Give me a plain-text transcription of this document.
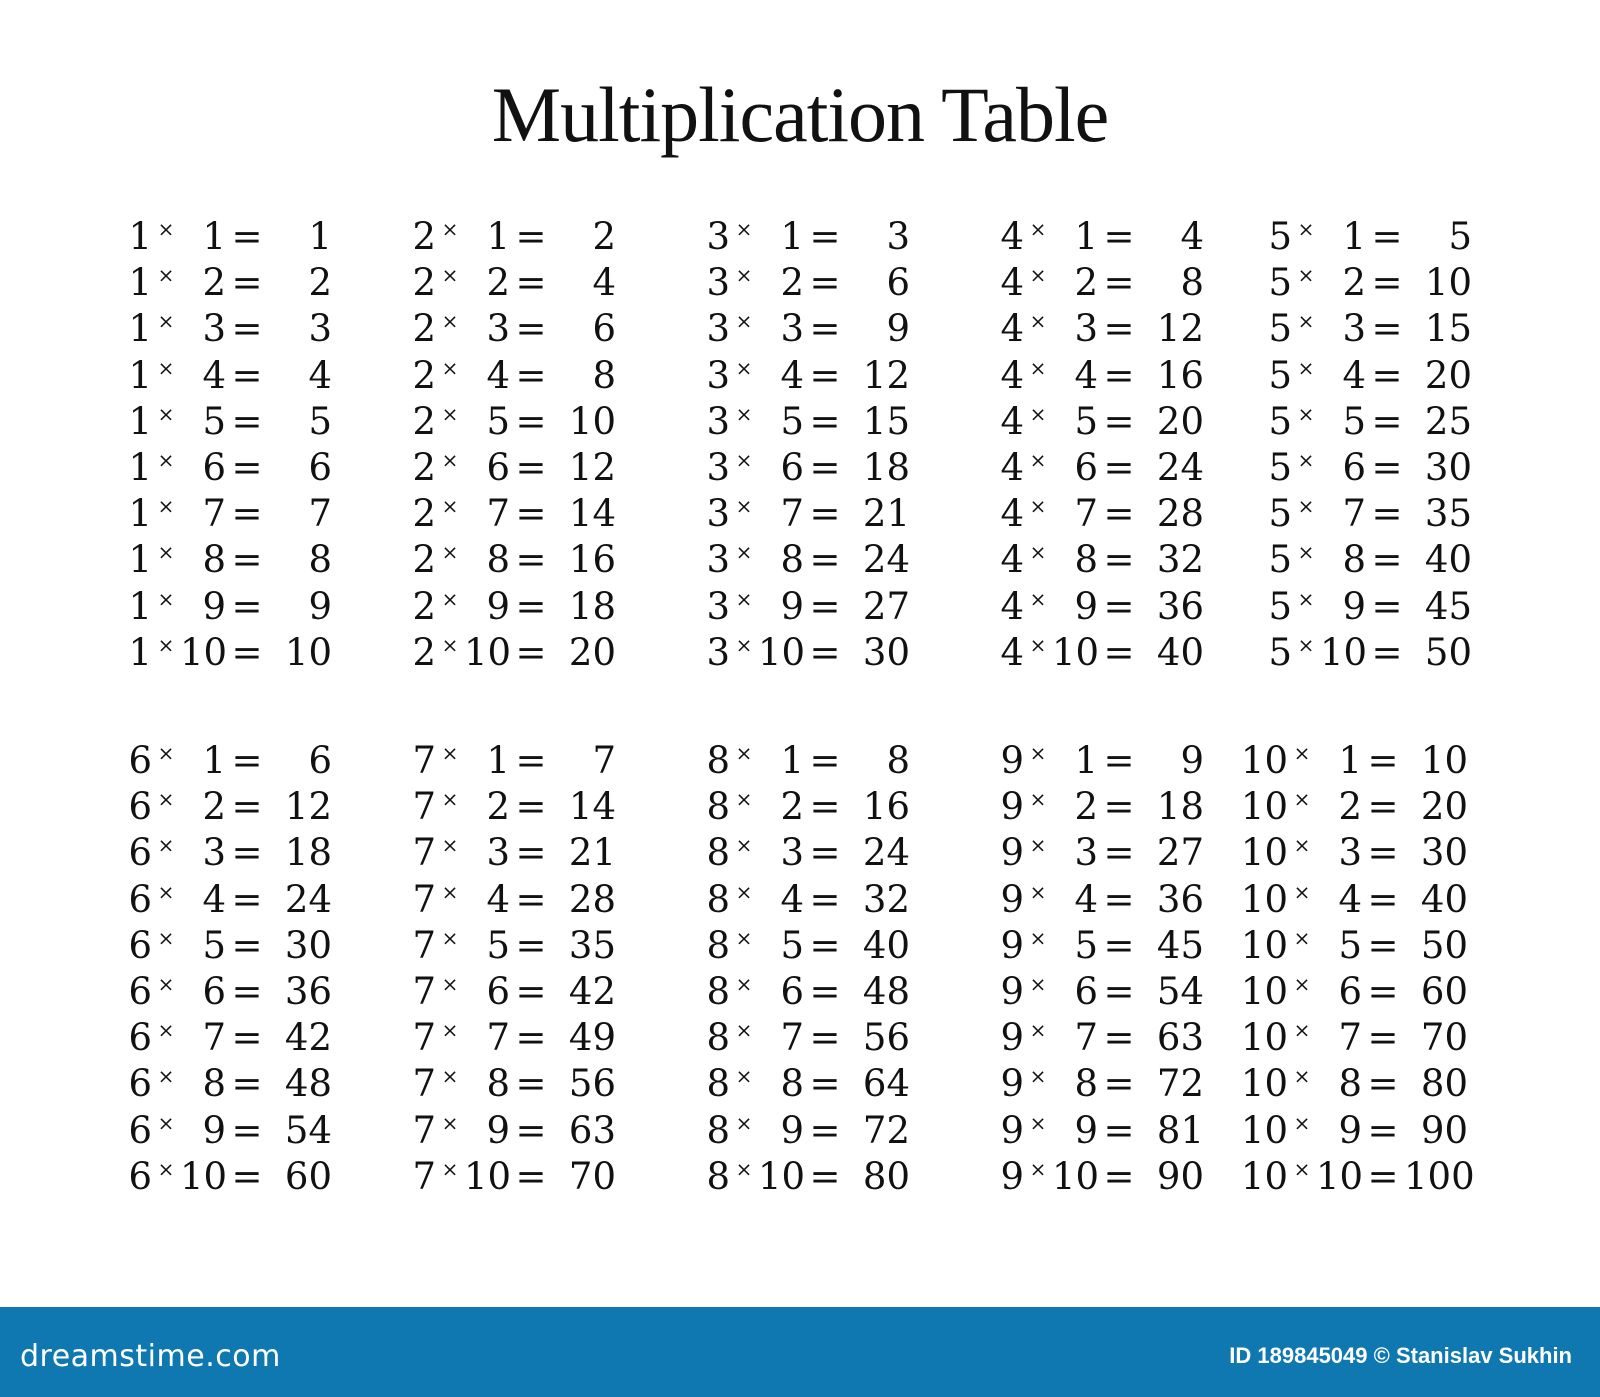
Multiplication Table
1 × 1 =	1
1 × 2 =	2
1 × 3 =	3
1 × 4 =	4
1 × 5 =	5
1 × 6 =	6
1 × 7 =	7
1 × 8 =	8
1 × 9 =	9
1 × 10 = 10
2 × 1 =	2
2 × 2 =	4
2 × 3 =	6
2 × 4 =	8
2 × 5 = 10
2 × 6 = 12
2 × 7 = 14
2 × 8 = 16
2 × 9 = 18
2 × 10 = 20
3 × 1 =	3
3 × 2 =	6
3 × 3 =	9
3 × 4 = 12
3 × 5 = 15
3 × 6 = 18
3 × 7 = 21
3 × 8 = 24
3 × 9 = 27
3 × 10 = 30
4 × 1 =	4
4 × 2 =	8
4 × 3 = 12
4 × 4 = 16
4 × 5 = 20
4 × 6 = 24
4 × 7 = 28
4 × 8 = 32
4 × 9 = 36
4 × 10 = 40
5 × 1 =	5
5 × 2 = 10
5 × 3 = 15
5 × 4 = 20
5 × 5 = 25
5 × 6 = 30
5 × 7 = 35
5 × 8 = 40
5 × 9 = 45
5 × 10 = 50
6 × 1 =	6
6 × 2 = 12
6 × 3 = 18
6 × 4 = 24
6 × 5 = 30
6 × 6 = 36
6 × 7 = 42
6 × 8 = 48
6 × 9 = 54
6 × 10 = 60
7 × 1 =	7
7 × 2 = 14
7 × 3 = 21
7 × 4 = 28
7 × 5 = 35
7 × 6 = 42
7 × 7 = 49
7 × 8 = 56
7 × 9 = 63
7 × 10 = 70
8 × 1 =	8
8 × 2 = 16
8 × 3 = 24
8 × 4 = 32
8 × 5 = 40
8 × 6 = 48
8 × 7 = 56
8 × 8 = 64
8 × 9 = 72
8 × 10 = 80
9 × 1 =	9
9 × 2 = 18
9 × 3 = 27
9 × 4 = 36
9 × 5 = 45
9 × 6 = 54
9 × 7 = 63
9 × 8 = 72
9 × 9 = 81
9 × 10 = 90
10 × 1 = 10
10 × 2 = 20
10 × 3 = 30
10 × 4 = 40
10 × 5 = 50
10 × 6 = 60
10 × 7 = 70
10 × 8 = 80
10 × 9 = 90
10 × 10 = 100
dreamstime.com	ID 189845049 © Stanislav Sukhin
